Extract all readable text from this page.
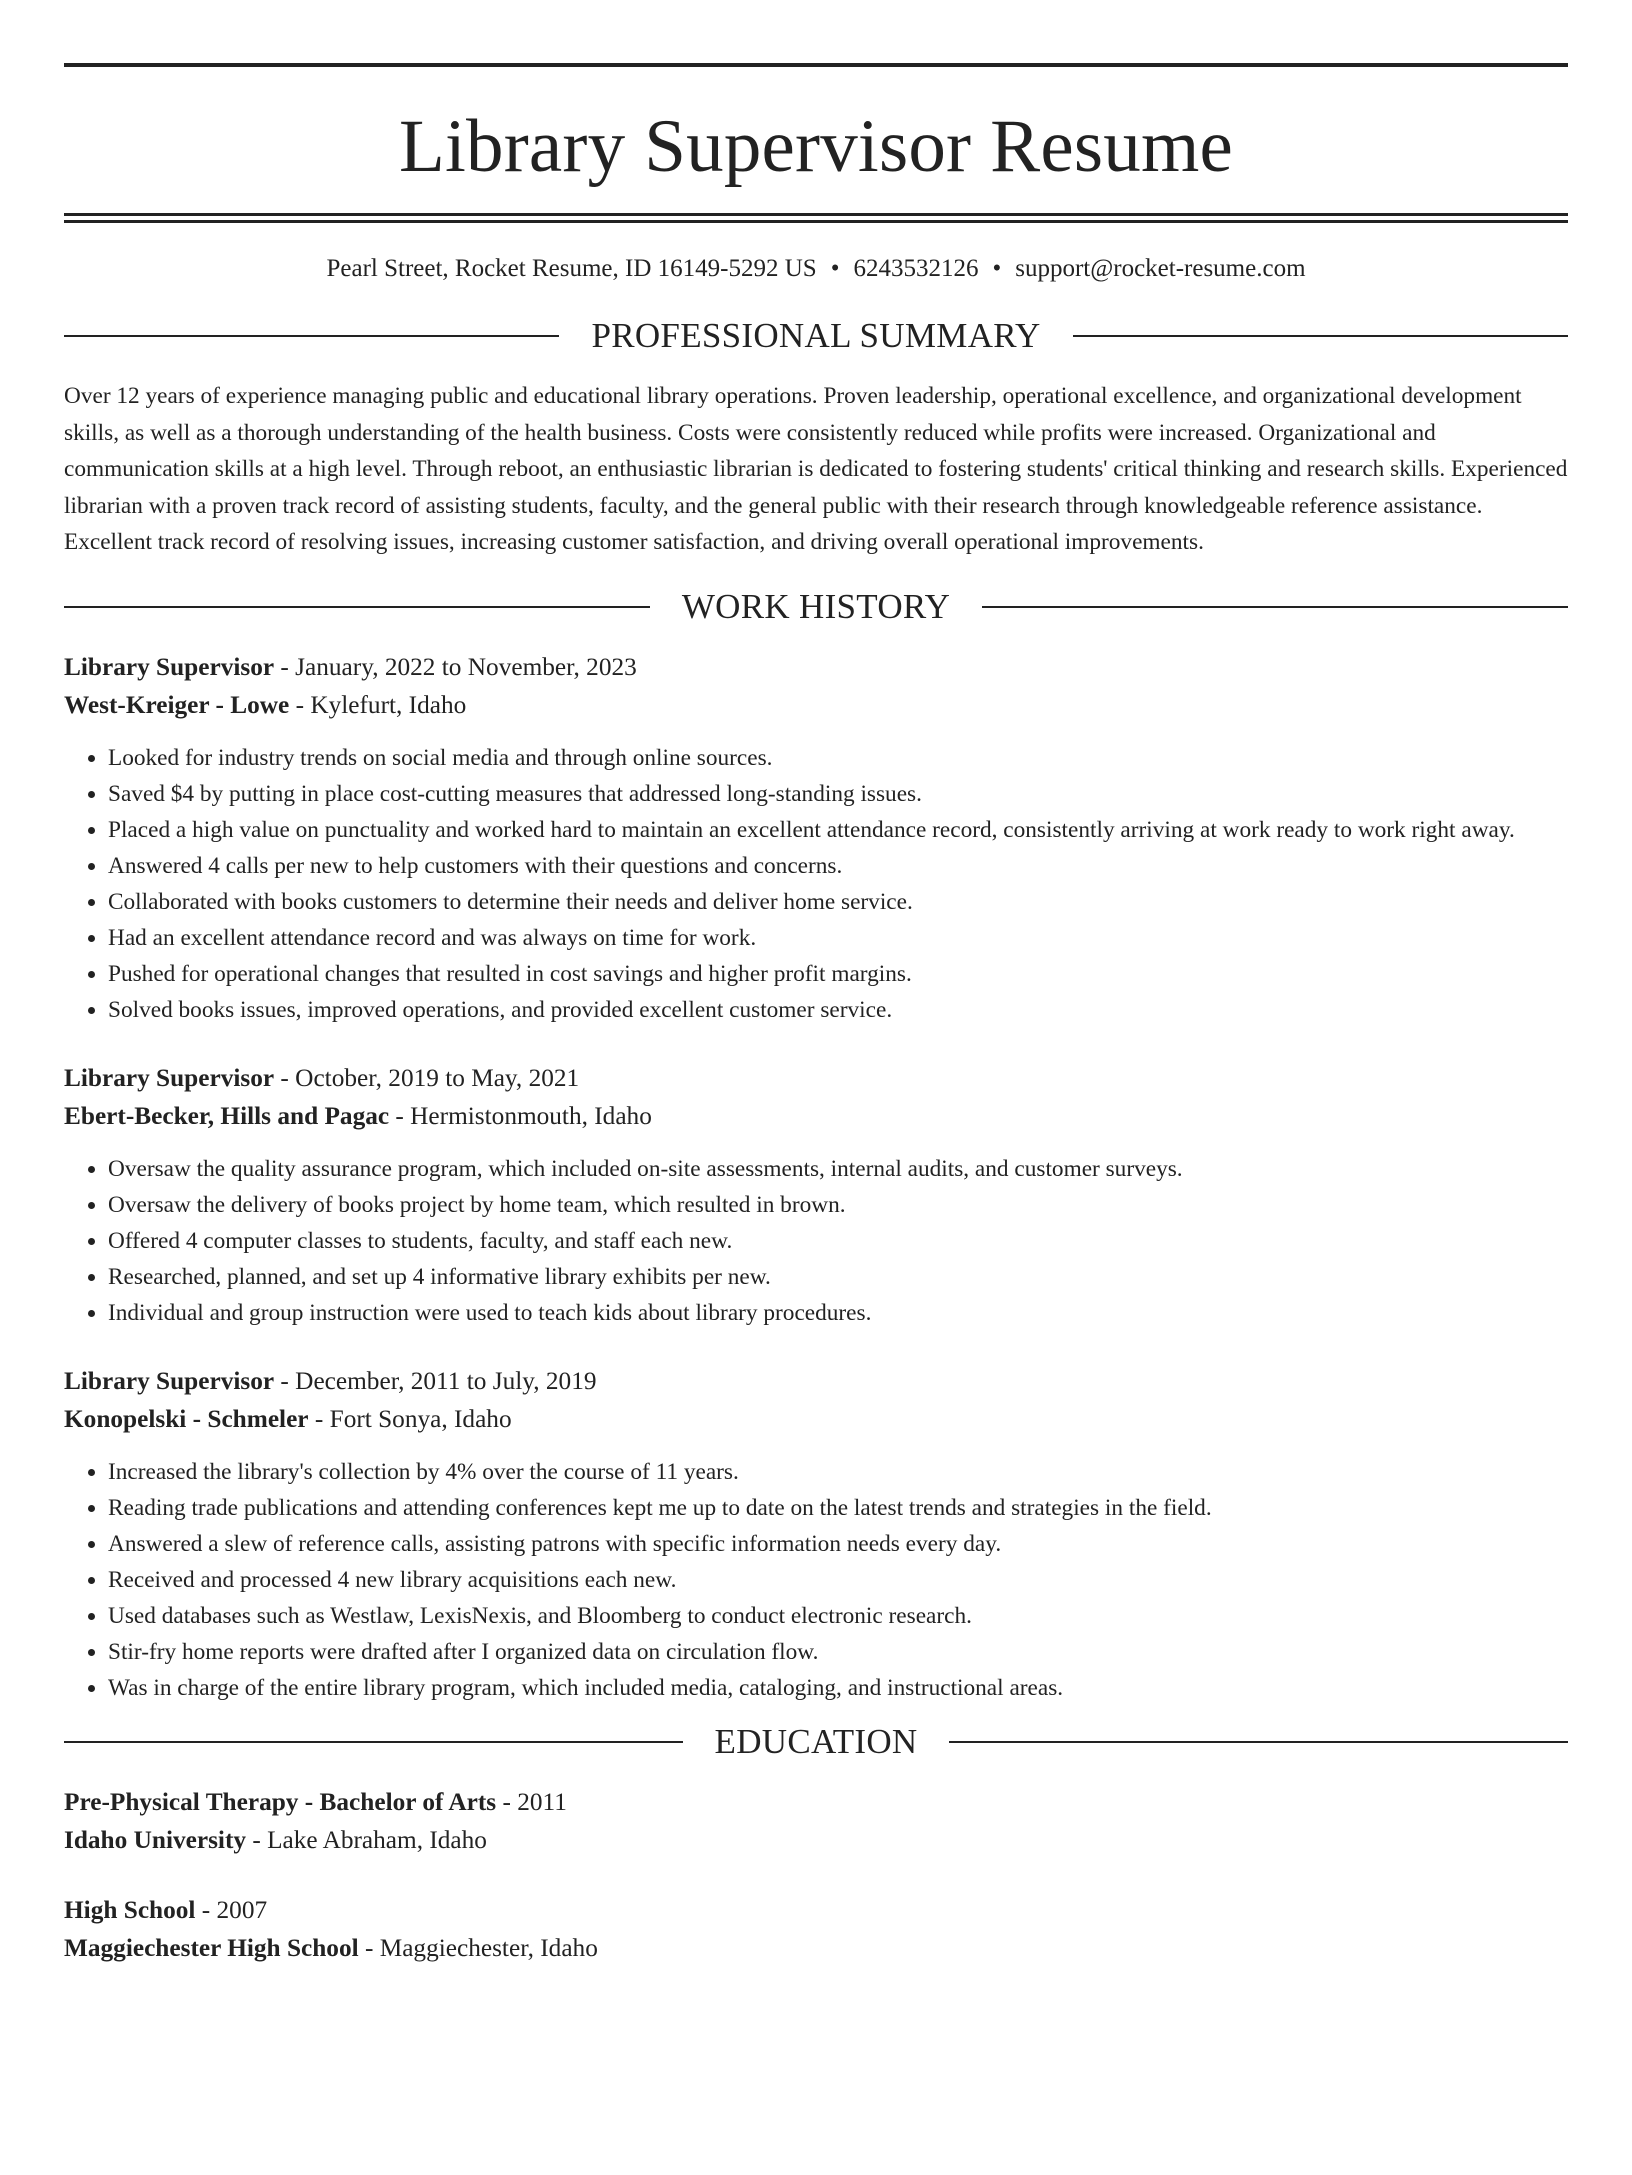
Library Supervisor Resume
Pearl Street, Rocket Resume, ID 16149-5292 US • 6243532126 • support@rocket-resume.com
PROFESSIONAL SUMMARY

Over 12 years of experience managing public and educational library operations. Proven leadership, operational excellence, and organizational development skills, as well as a thorough understanding of the health business. Costs were consistently reduced while profits were increased. Organizational and communication skills at a high level. Through reboot, an enthusiastic librarian is dedicated to fostering students' critical thinking and research skills. Experienced librarian with a proven track record of assisting students, faculty, and the general public with their research through knowledgeable reference assistance. Excellent track record of resolving issues, increasing customer satisfaction, and driving overall operational improvements.

WORK HISTORY
Library Supervisor - January, 2022 to November, 2023
West-Kreiger - Lowe - Kylefurt, Idaho
• Looked for industry trends on social media and through online sources.
• Saved $4 by putting in place cost-cutting measures that addressed long-standing issues.
• Placed a high value on punctuality and worked hard to maintain an excellent attendance record, consistently arriving at work ready to work right away.
• Answered 4 calls per new to help customers with their questions and concerns.
• Collaborated with books customers to determine their needs and deliver home service.
• Had an excellent attendance record and was always on time for work.
• Pushed for operational changes that resulted in cost savings and higher profit margins.
• Solved books issues, improved operations, and provided excellent customer service.
Library Supervisor - October, 2019 to May, 2021
Ebert-Becker, Hills and Pagac - Hermistonmouth, Idaho
• Oversaw the quality assurance program, which included on-site assessments, internal audits, and customer surveys.
• Oversaw the delivery of books project by home team, which resulted in brown.
• Offered 4 computer classes to students, faculty, and staff each new.
• Researched, planned, and set up 4 informative library exhibits per new.
• Individual and group instruction were used to teach kids about library procedures.
Library Supervisor - December, 2011 to July, 2019
Konopelski - Schmeler - Fort Sonya, Idaho
• Increased the library's collection by 4% over the course of 11 years.
• Reading trade publications and attending conferences kept me up to date on the latest trends and strategies in the field.
• Answered a slew of reference calls, assisting patrons with specific information needs every day.
• Received and processed 4 new library acquisitions each new.
• Used databases such as Westlaw, LexisNexis, and Bloomberg to conduct electronic research.
• Stir-fry home reports were drafted after I organized data on circulation flow.
• Was in charge of the entire library program, which included media, cataloging, and instructional areas.
EDUCATION
Pre-Physical Therapy - Bachelor of Arts - 2011
Idaho University - Lake Abraham, Idaho
High School - 2007
Maggiechester High School - Maggiechester, Idaho
